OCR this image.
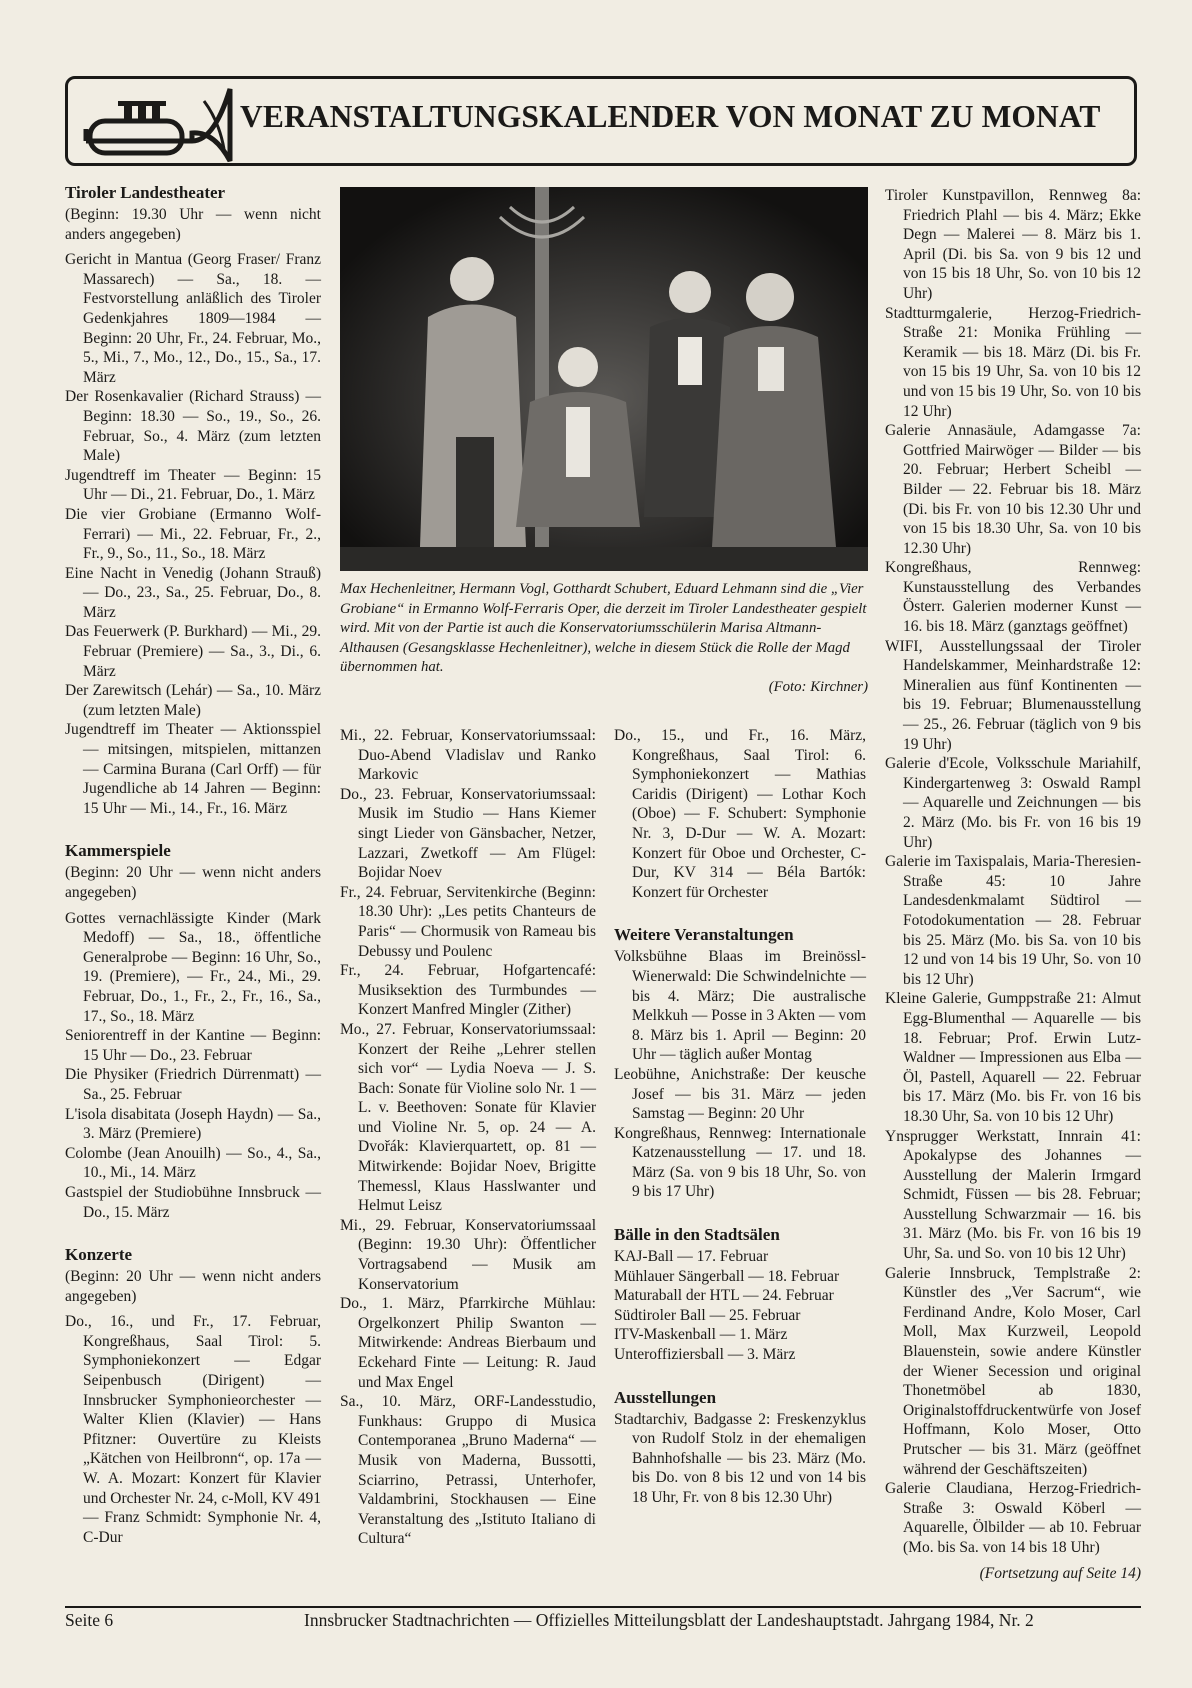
VERANSTALTUNGSKALENDER VON MONAT ZU MONAT
Tiroler Landestheater
(Beginn: 19.30 Uhr — wenn nicht anders angegeben)

Gericht in Mantua (Georg Fraser/ Franz Massarech) — Sa., 18. — Festvorstellung anläßlich des Tiroler Gedenkjahres 1809—1984 — Beginn: 20 Uhr, Fr., 24. Februar, Mo., 5., Mi., 7., Mo., 12., Do., 15., Sa., 17. März

Der Rosenkavalier (Richard Strauss) — Beginn: 18.30 — So., 19., So., 26. Februar, So., 4. März (zum letzten Male)

Jugendtreff im Theater — Beginn: 15 Uhr — Di., 21. Februar, Do., 1. März

Die vier Grobiane (Ermanno Wolf-Ferrari) — Mi., 22. Februar, Fr., 2., Fr., 9., So., 11., So., 18. März

Eine Nacht in Venedig (Johann Strauß) — Do., 23., Sa., 25. Februar, Do., 8. März

Das Feuerwerk (P. Burkhard) — Mi., 29. Februar (Premiere) — Sa., 3., Di., 6. März

Der Zarewitsch (Lehár) — Sa., 10. März (zum letzten Male)

Jugendtreff im Theater — Aktionsspiel — mitsingen, mitspielen, mittanzen — Carmina Burana (Carl Orff) — für Jugendliche ab 14 Jahren — Beginn: 15 Uhr — Mi., 14., Fr., 16. März

Kammerspiele
(Beginn: 20 Uhr — wenn nicht anders angegeben)

Gottes vernachlässigte Kinder (Mark Medoff) — Sa., 18., öffentliche Generalprobe — Beginn: 16 Uhr, So., 19. (Premiere), — Fr., 24., Mi., 29. Februar, Do., 1., Fr., 2., Fr., 16., Sa., 17., So., 18. März

Seniorentreff in der Kantine — Beginn: 15 Uhr — Do., 23. Februar

Die Physiker (Friedrich Dürrenmatt) — Sa., 25. Februar

L'isola disabitata (Joseph Haydn) — Sa., 3. März (Premiere)

Colombe (Jean Anouilh) — So., 4., Sa., 10., Mi., 14. März

Gastspiel der Studiobühne Innsbruck — Do., 15. März

Konzerte
(Beginn: 20 Uhr — wenn nicht anders angegeben)

Do., 16., und Fr., 17. Februar, Kongreßhaus, Saal Tirol: 5. Symphoniekonzert — Edgar Seipenbusch (Dirigent) — Innsbrucker Symphonieorchester — Walter Klien (Klavier) — Hans Pfitzner: Ouvertüre zu Kleists „Kätchen von Heilbronn“, op. 17a — W. A. Mozart: Konzert für Klavier und Orchester Nr. 24, c-Moll, KV 491 — Franz Schmidt: Symphonie Nr. 4, C-Dur

Max Hechenleitner, Hermann Vogl, Gotthardt Schubert, Eduard Lehmann sind die „Vier Grobiane“ in Ermanno Wolf-Ferraris Oper, die derzeit im Tiroler Landestheater gespielt wird. Mit von der Partie ist auch die Konservatoriumsschülerin Marisa Altmann-Althausen (Gesangsklasse Hechenleitner), welche in diesem Stück die Rolle der Magd übernommen hat.
(Foto: Kirchner)

Mi., 22. Februar, Konservatoriumssaal: Duo-Abend Vladislav und Ranko Markovic

Do., 23. Februar, Konservatoriumssaal: Musik im Studio — Hans Kiemer singt Lieder von Gänsbacher, Netzer, Lazzari, Zwetkoff — Am Flügel: Bojidar Noev

Fr., 24. Februar, Servitenkirche (Beginn: 18.30 Uhr): „Les petits Chanteurs de Paris“ — Chormusik von Rameau bis Debussy und Poulenc

Fr., 24. Februar, Hofgartencafé: Musiksektion des Turmbundes — Konzert Manfred Mingler (Zither)

Mo., 27. Februar, Konservatoriumssaal: Konzert der Reihe „Lehrer stellen sich vor“ — Lydia Noeva — J. S. Bach: Sonate für Violine solo Nr. 1 — L. v. Beethoven: Sonate für Klavier und Violine Nr. 5, op. 24 — A. Dvořák: Klavierquartett, op. 81 — Mitwirkende: Bojidar Noev, Brigitte Themessl, Klaus Hasslwanter und Helmut Leisz

Mi., 29. Februar, Konservatoriumssaal (Beginn: 19.30 Uhr): Öffentlicher Vortragsabend — Musik am Konservatorium

Do., 1. März, Pfarrkirche Mühlau: Orgelkonzert Philip Swanton — Mitwirkende: Andreas Bierbaum und Eckehard Finte — Leitung: R. Jaud und Max Engel

Sa., 10. März, ORF-Landesstudio, Funkhaus: Gruppo di Musica Contemporanea „Bruno Maderna“ — Musik von Maderna, Bussotti, Sciarrino, Petrassi, Unterhofer, Valdambrini, Stockhausen — Eine Veranstaltung des „Istituto Italiano di Cultura“

Do., 15., und Fr., 16. März, Kongreßhaus, Saal Tirol: 6. Symphoniekonzert — Mathias Caridis (Dirigent) — Lothar Koch (Oboe) — F. Schubert: Symphonie Nr. 3, D-Dur — W. A. Mozart: Konzert für Oboe und Orchester, C-Dur, KV 314 — Béla Bartók: Konzert für Orchester

Weitere Veranstaltungen

Volksbühne Blaas im Breinössl-Wienerwald: Die Schwindelnichte — bis 4. März; Die australische Melkkuh — Posse in 3 Akten — vom 8. März bis 1. April — Beginn: 20 Uhr — täglich außer Montag

Leobühne, Anichstraße: Der keusche Josef — bis 31. März — jeden Samstag — Beginn: 20 Uhr

Kongreßhaus, Rennweg: Internationale Katzenausstellung — 17. und 18. März (Sa. von 9 bis 18 Uhr, So. von 9 bis 17 Uhr)

Bälle in den Stadtsälen

KAJ-Ball — 17. Februar

Mühlauer Sängerball — 18. Februar

Maturaball der HTL — 24. Februar

Südtiroler Ball — 25. Februar

ITV-Maskenball — 1. März

Unteroffiziersball — 3. März

Ausstellungen

Stadtarchiv, Badgasse 2: Freskenzyklus von Rudolf Stolz in der ehemaligen Bahnhofshalle — bis 23. März (Mo. bis Do. von 8 bis 12 und von 14 bis 18 Uhr, Fr. von 8 bis 12.30 Uhr)

Tiroler Kunstpavillon, Rennweg 8a: Friedrich Plahl — bis 4. März; Ekke Degn — Malerei — 8. März bis 1. April (Di. bis Sa. von 9 bis 12 und von 15 bis 18 Uhr, So. von 10 bis 12 Uhr)

Stadtturmgalerie, Herzog-Friedrich-Straße 21: Monika Frühling — Keramik — bis 18. März (Di. bis Fr. von 15 bis 19 Uhr, Sa. von 10 bis 12 und von 15 bis 19 Uhr, So. von 10 bis 12 Uhr)

Galerie Annasäule, Adamgasse 7a: Gottfried Mairwöger — Bilder — bis 20. Februar; Herbert Scheibl — Bilder — 22. Februar bis 18. März (Di. bis Fr. von 10 bis 12.30 Uhr und von 15 bis 18.30 Uhr, Sa. von 10 bis 12.30 Uhr)

Kongreßhaus, Rennweg: Kunstausstellung des Verbandes Österr. Galerien moderner Kunst — 16. bis 18. März (ganztags geöffnet)

WIFI, Ausstellungssaal der Tiroler Handelskammer, Meinhardstraße 12: Mineralien aus fünf Kontinenten — bis 19. Februar; Blumenausstellung — 25., 26. Februar (täglich von 9 bis 19 Uhr)

Galerie d'Ecole, Volksschule Mariahilf, Kindergartenweg 3: Oswald Rampl — Aquarelle und Zeichnungen — bis 2. März (Mo. bis Fr. von 16 bis 19 Uhr)

Galerie im Taxispalais, Maria-Theresien-Straße 45: 10 Jahre Landesdenkmalamt Südtirol — Fotodokumentation — 28. Februar bis 25. März (Mo. bis Sa. von 10 bis 12 und von 14 bis 19 Uhr, So. von 10 bis 12 Uhr)

Kleine Galerie, Gumppstraße 21: Almut Egg-Blumenthal — Aquarelle — bis 18. Februar; Prof. Erwin Lutz-Waldner — Impressionen aus Elba — Öl, Pastell, Aquarell — 22. Februar bis 17. März (Mo. bis Fr. von 16 bis 18.30 Uhr, Sa. von 10 bis 12 Uhr)

Ynsprugger Werkstatt, Innrain 41: Apokalypse des Johannes — Ausstellung der Malerin Irmgard Schmidt, Füssen — bis 28. Februar; Ausstellung Schwarzmair — 16. bis 31. März (Mo. bis Fr. von 16 bis 19 Uhr, Sa. und So. von 10 bis 12 Uhr)

Galerie Innsbruck, Templstraße 2: Künstler des „Ver Sacrum“, wie Ferdinand Andre, Kolo Moser, Carl Moll, Max Kurzweil, Leopold Blauenstein, sowie andere Künstler der Wiener Secession und original Thonetmöbel ab 1830, Originalstoffdruckentwürfe von Josef Hoffmann, Kolo Moser, Otto Prutscher — bis 31. März (geöffnet während der Geschäftszeiten)

Galerie Claudiana, Herzog-Friedrich-Straße 3: Oswald Köberl — Aquarelle, Ölbilder — ab 10. Februar (Mo. bis Sa. von 14 bis 18 Uhr)

(Fortsetzung auf Seite 14)
Seite 6	Innsbrucker Stadtnachrichten — Offizielles Mitteilungsblatt der Landeshauptstadt. Jahrgang 1984, Nr. 2
